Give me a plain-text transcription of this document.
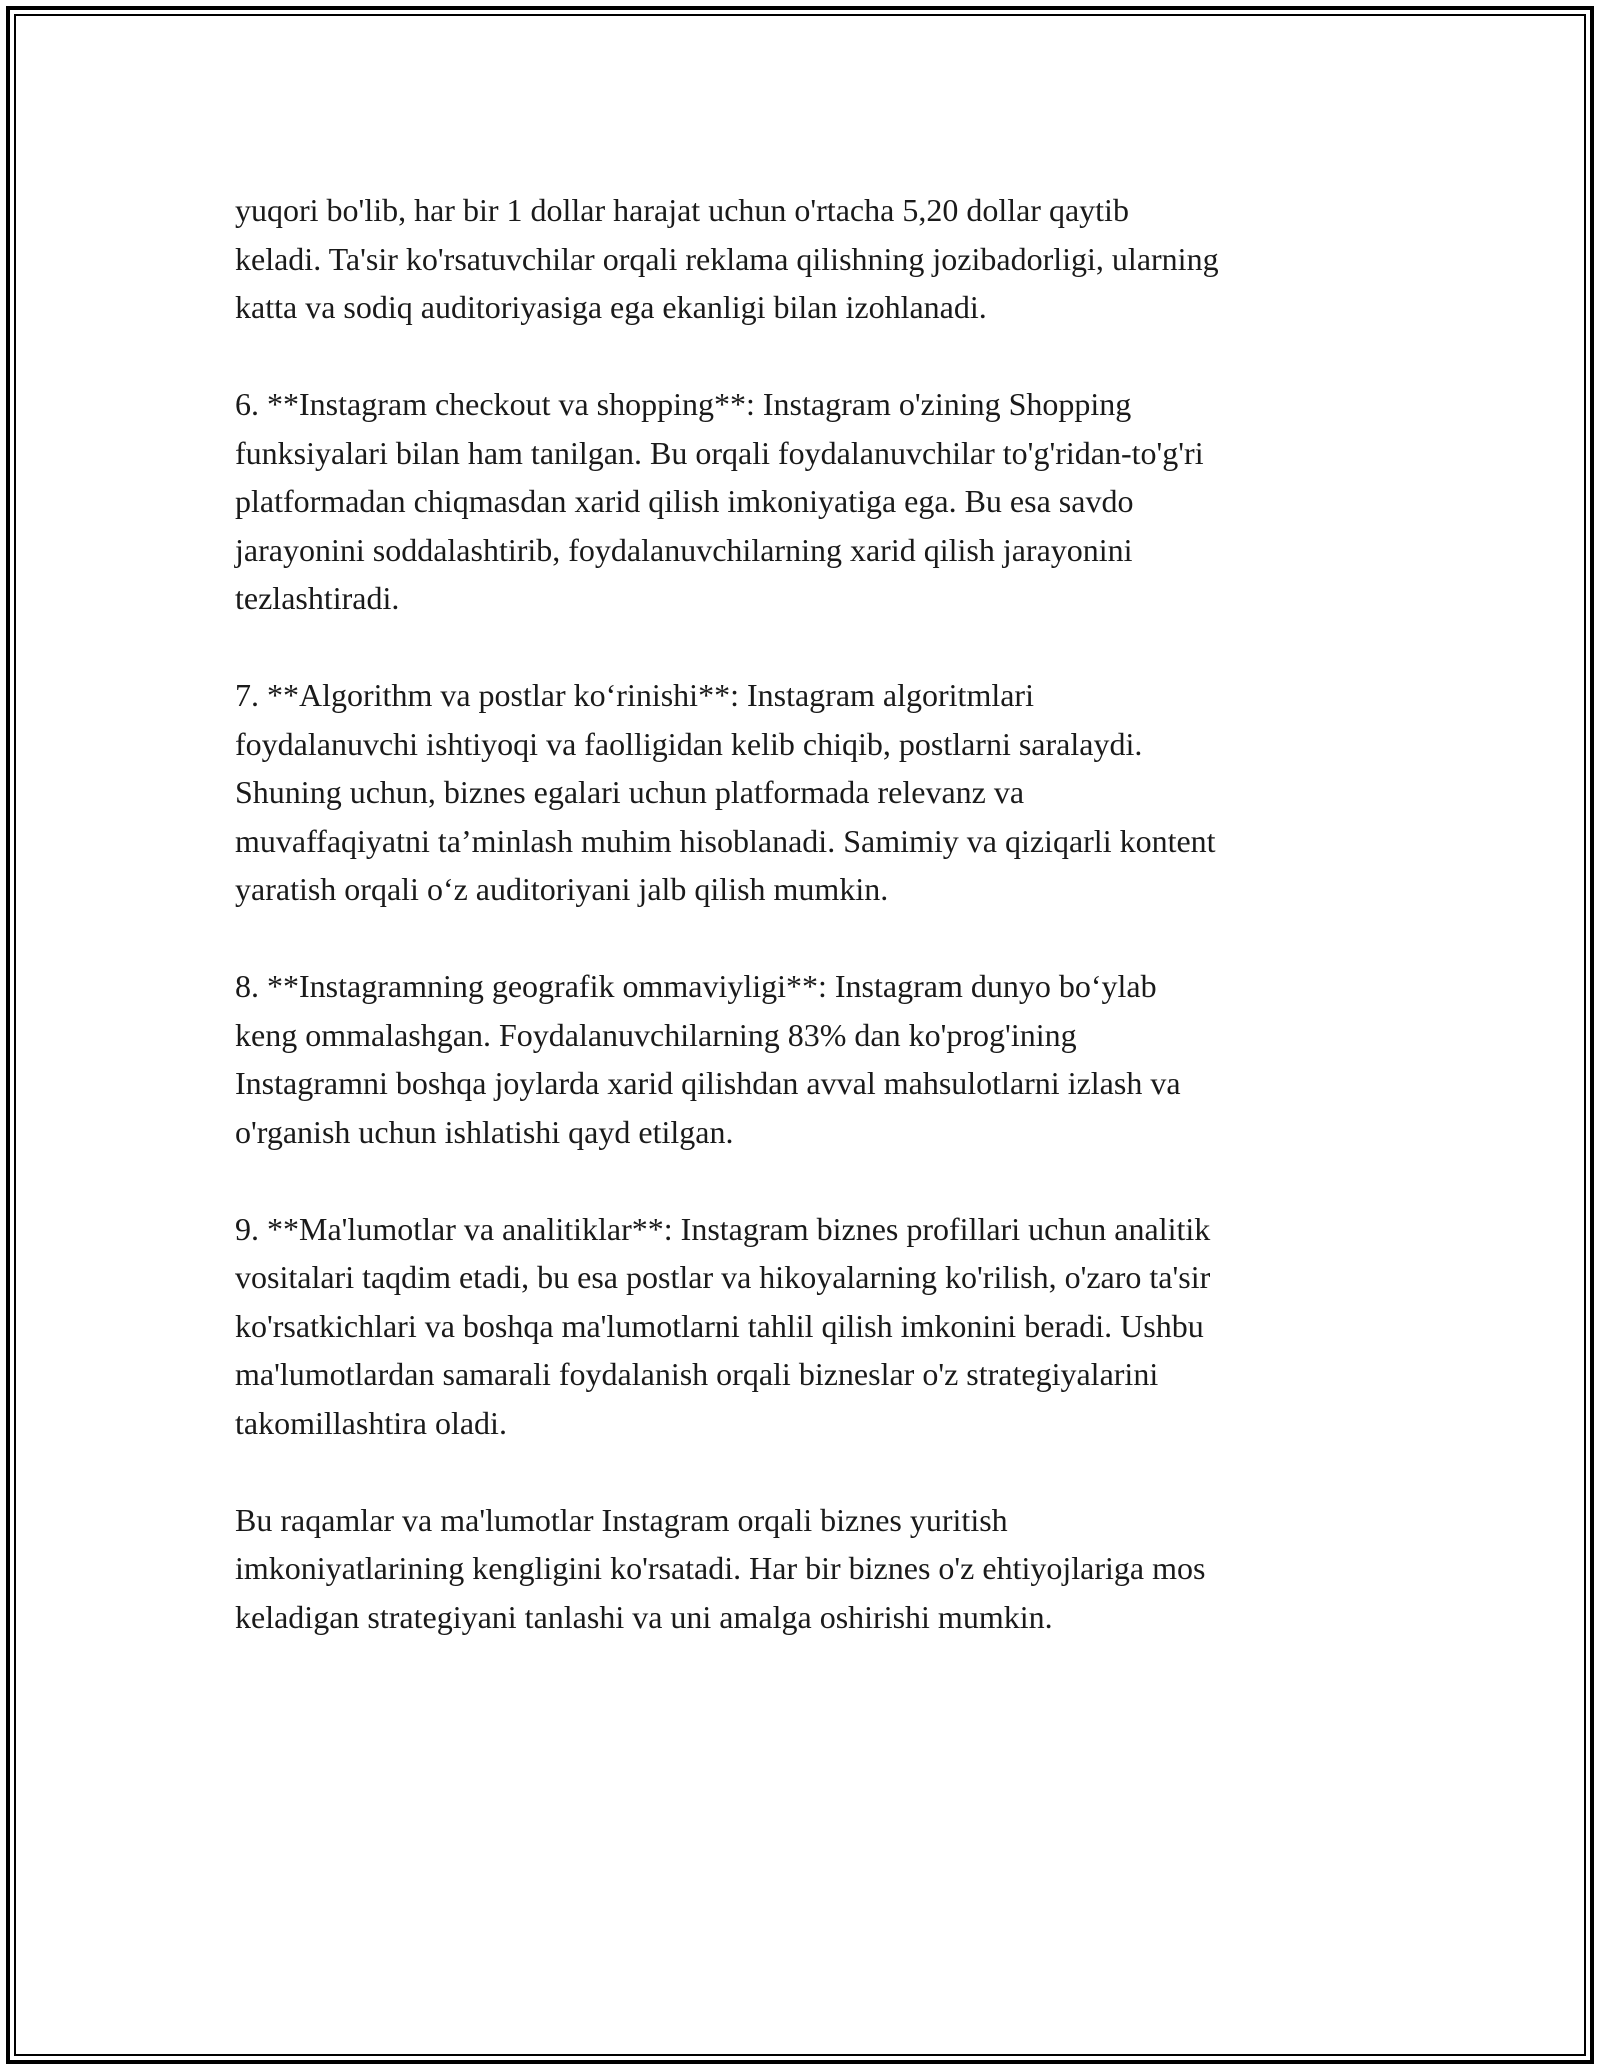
yuqori bo'lib, har bir 1 dollar harajat uchun o'rtacha 5,20 dollar qaytib
keladi. Ta'sir ko'rsatuvchilar orqali reklama qilishning jozibadorligi, ularning
katta va sodiq auditoriyasiga ega ekanligi bilan izohlanadi.

6. **Instagram checkout va shopping**: Instagram o'zining Shopping
funksiyalari bilan ham tanilgan. Bu orqali foydalanuvchilar to'g'ridan-to'g'ri
platformadan chiqmasdan xarid qilish imkoniyatiga ega. Bu esa savdo
jarayonini soddalashtirib, foydalanuvchilarning xarid qilish jarayonini
tezlashtiradi.

7. **Algorithm va postlar ko‘rinishi**: Instagram algoritmlari
foydalanuvchi ishtiyoqi va faolligidan kelib chiqib, postlarni saralaydi.
Shuning uchun, biznes egalari uchun platformada relevanz va
muvaffaqiyatni ta’minlash muhim hisoblanadi. Samimiy va qiziqarli kontent
yaratish orqali o‘z auditoriyani jalb qilish mumkin.

8. **Instagramning geografik ommaviyligi**: Instagram dunyo bo‘ylab
keng ommalashgan. Foydalanuvchilarning 83% dan ko'prog'ining
Instagramni boshqa joylarda xarid qilishdan avval mahsulotlarni izlash va
o'rganish uchun ishlatishi qayd etilgan.

9. **Ma'lumotlar va analitiklar**: Instagram biznes profillari uchun analitik
vositalari taqdim etadi, bu esa postlar va hikoyalarning ko'rilish, o'zaro ta'sir
ko'rsatkichlari va boshqa ma'lumotlarni tahlil qilish imkonini beradi. Ushbu
ma'lumotlardan samarali foydalanish orqali bizneslar o'z strategiyalarini
takomillashtira oladi.

Bu raqamlar va ma'lumotlar Instagram orqali biznes yuritish
imkoniyatlarining kengligini ko'rsatadi. Har bir biznes o'z ehtiyojlariga mos
keladigan strategiyani tanlashi va uni amalga oshirishi mumkin.
